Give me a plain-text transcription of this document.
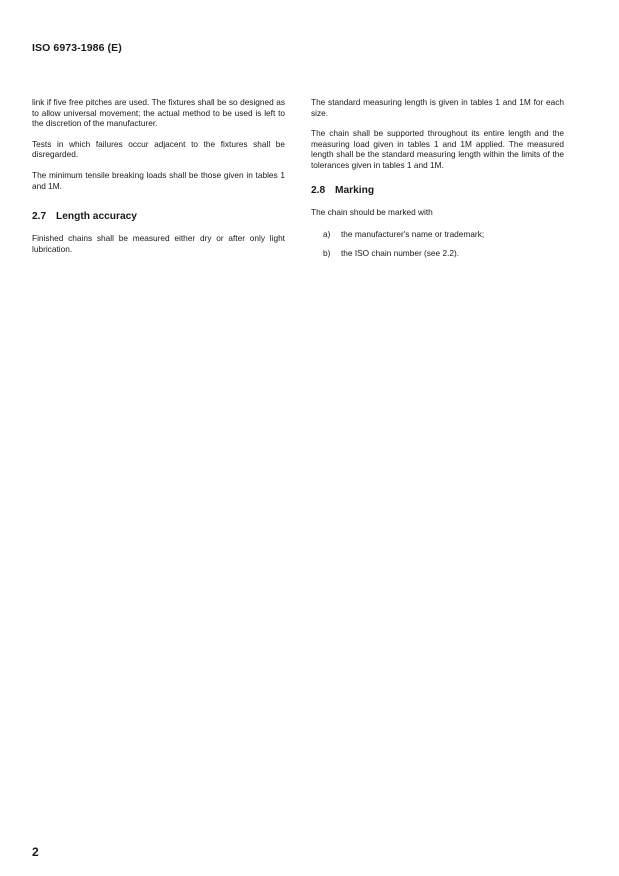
ISO 6973-1986 (E)

link if five free pitches are used. The fixtures shall be so designed as to allow universal movement; the actual method to be used is left to the discretion of the manufacturer.

Tests in which failures occur adjacent to the fixtures shall be disregarded.

The minimum tensile breaking loads shall be those given in tables 1 and 1M.

2.7 Length accuracy

Finished chains shall be measured either dry or after only light lubrication.

The standard measuring length is given in tables 1 and 1M for each size.

The chain shall be supported throughout its entire length and the measuring load given in tables 1 and 1M applied. The measured length shall be the standard measuring length within the limits of the tolerances given in tables 1 and 1M.

2.8 Marking

The chain should be marked with

a)	the manufacturer's name or trademark;
b)	the ISO chain number (see 2.2).
2
